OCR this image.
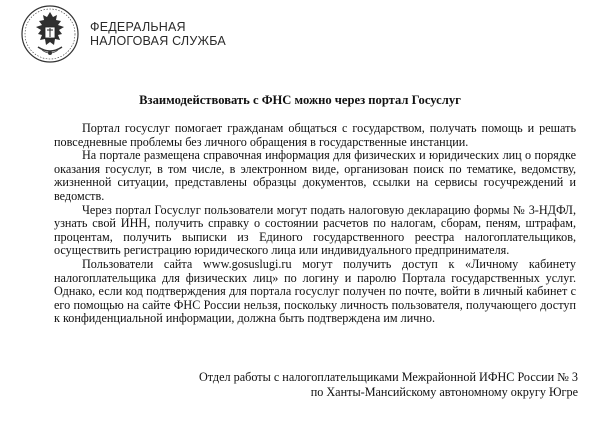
ФЕДЕРАЛЬНАЯ
НАЛОГОВАЯ СЛУЖБА
Взаимодействовать с ФНС можно через портал Госуслуг

Портал госуслуг помогает гражданам общаться с государством, получать помощь и решать повседневные проблемы без личного обращения в государственные инстанции.

На портале размещена справочная информация для физических и юридических лиц о порядке оказания госуслуг, в том числе, в электронном виде, организован поиск по тематике, ведомству, жизненной ситуации, представлены образцы документов, ссылки на сервисы госучреждений и ведомств.

Через портал Госуслуг пользователи могут подать налоговую декларацию формы № 3-НДФЛ, узнать свой ИНН, получить справку о состоянии расчетов по налогам, сборам, пеням, штрафам, процентам, получить выписки из Единого государственного реестра налогоплательщиков, осуществить регистрацию юридического лица или индивидуального предпринимателя.

Пользователи сайта www.gosuslugi.ru могут получить доступ к «Личному кабинету налогоплательщика для физических лиц» по логину и паролю Портала государственных услуг. Однако, если код подтверждения для портала госуслуг получен по почте, войти в личный кабинет с его помощью на сайте ФНС России нельзя, поскольку личность пользователя, получающего доступ к конфиденциальной информации, должна быть подтверждена им лично.

Отдел работы с налогоплательщиками Межрайонной ИФНС России № 3
по Ханты-Мансийскому автономному округу Югре
